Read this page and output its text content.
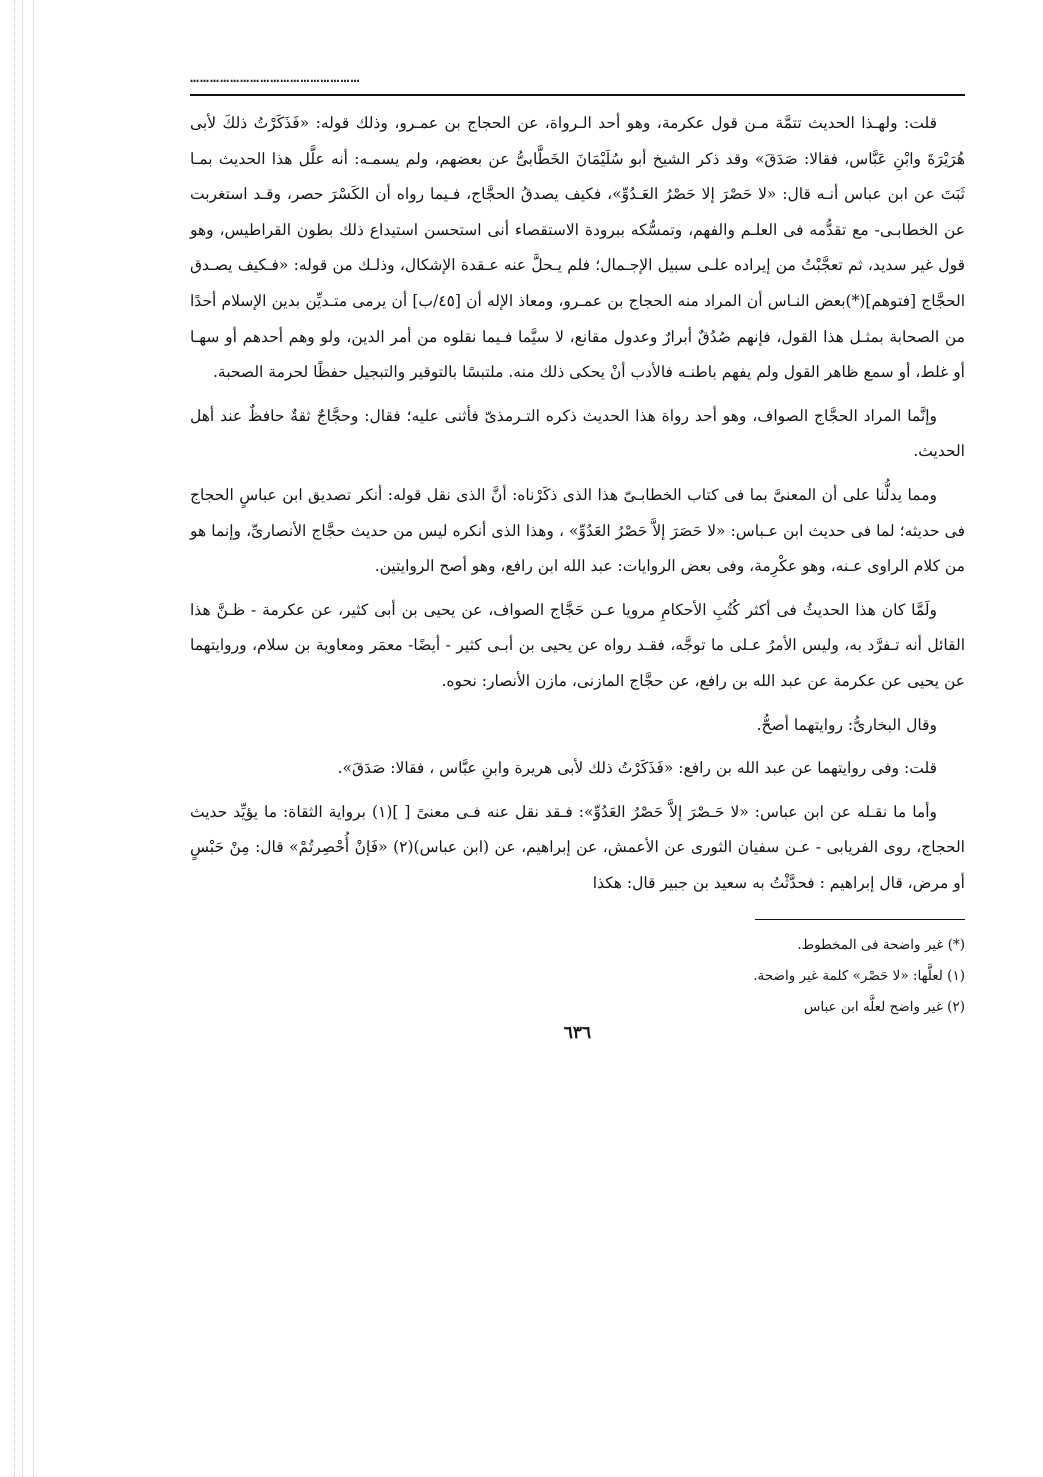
……………………………………………

قلت: ولهـذا الحديث تتمَّة مـن قول عكرمة، وهو أحد الـرواة، عن الحجاج بن عمـرو، وذلك قوله: «فَذَكَرْتُ ذلكَ لأبى هُرَيْرَةَ وابْنِ عَبَّاس، فقالا: صَدَقَ» وقد ذكر الشيخ أبو سُلَيْمَانَ الخَطَّابىُّ عن بعضهم، ولم يسمـه: أنه علَّل هذا الحديث بمـا ثَبَتَ عن ابن عباس أنـه قال: «لا حَصْرَ إلا حَصْرُ العَـدُوِّ»، فكيف يصدقُ الحجَّاج، فـيما رواه أن الكَسْرَ حصر، وقـد استغربت عن الخطابـى- مع تقدُّمه فى العلـم والفهم، وتمسُّكه ببرودة الاستقصاء أنى استحسن استيداع ذلك بطون القراطيس، وهو قول غير سديد، ثم تعجَّبْتُ من إيراده علـى سبيل الإجـمال؛ فلم يـحلَّ عنه عـقدة الإشكال، وذلـك من قوله: «فـكيف يصـدق الحجَّاج [فتوهم](*)بعض النـاس أن المراد منه الحجاج بن عمـرو، ومعاذ الإله أن [٤٥/ب] أن يرمى متـديِّن بدين الإسلام أحدًا من الصحابة بمثـل هذا القول، فإنهم صُدُقٌ أبرارٌ وعدول مقانع، لا سيَّما فـيما نقلوه من أمر الدين، ولو وهم أحدهم أو سهـا أو غلط، أو سمع ظاهر القول ولم يفهم باطنـه فالأدب أنْ يحكى ذلك منه. ملتبسًا بالتوقير والتبجيل حفظًا لحرمة الصحبة.

وإنَّما المراد الحجَّاج الصواف، وهو أحد رواة هذا الحديث ذكره التـرمذىّ فأثنى عليه؛ فقال: وحجَّاجٌ ثقةٌ حافظٌ عند أهل الحديث.

ومما يدلُّنا على أن المعنىَّ بما فى كتاب الخطابـىّ هذا الذى ذكَرْناه: أنَّ الذى نقل قوله: أنكر تصديق ابن عباسٍ الحجاج فى حديثه؛ لما فى حديث ابن عـباس: «لا حَصَرَ إلاَّ حَصْرُ العَدُوِّ» ، وهذا الذى أنكره ليس من حديث حجَّاج الأنصارىِّ، وإنما هو من كلام الراوى عـنه، وهو عكْرِمة، وفى بعض الروايات: عبد الله ابن رافع، وهو أصح الروايتين.

ولَمَّا كان هذا الحديثُ فى أكثر كُتُبِ الأحكامِ مرويا عـن حَجَّاج الصواف، عن يحيى بن أبى كثير، عن عكرمة - ظـنَّ هذا القائل أنه تـفرَّد به، وليس الأمرُ عـلى ما توجَّه، فقـد رواه عن يحيى بن أبـى كثير - أيضًا- معمَر ومعاوية بن سلام، وروايتهما عن يحيى عن عكرمة عن عبد الله بن رافع، عن حجَّاج المازنى، مازن الأنصار: نحوه.

وقال البخارىُّ: روايتهما أصحُّ.

قلت: وفى روايتهما عن عبد الله بن رافع: «فَذَكَرْتُ ذلك لأبى هريرة وابنِ عبَّاس ، فقالا: صَدَقَ».

وأما ما نقـله عن ابن عباس: «لا حَـصْرَ إلاَّ حَصْرُ العَدُوِّ»: فـقد نقل عنه فـى معنىً [ ](١) برواية الثقاة: ما يؤيِّد حديث الحجاج، روى الفريابى - عـن سفيان الثورى عن الأعمش، عن إبراهيم، عن (ابن عباس)(٢) «فَإنْ أُحْصِرتُمْ» قال: مِنْ حَبْسٍ أو مرض، قال إبراهيم : فحدَّثْتُ به سعيد بن جبير قال: هكذا

(*) غير واضحة فى المخطوط.
(١) لعلَّها: «لا حَصْر» كلمة غير واضحة.
(٢) غير واضح لعلَّه ابن عباس
٦٣٦
